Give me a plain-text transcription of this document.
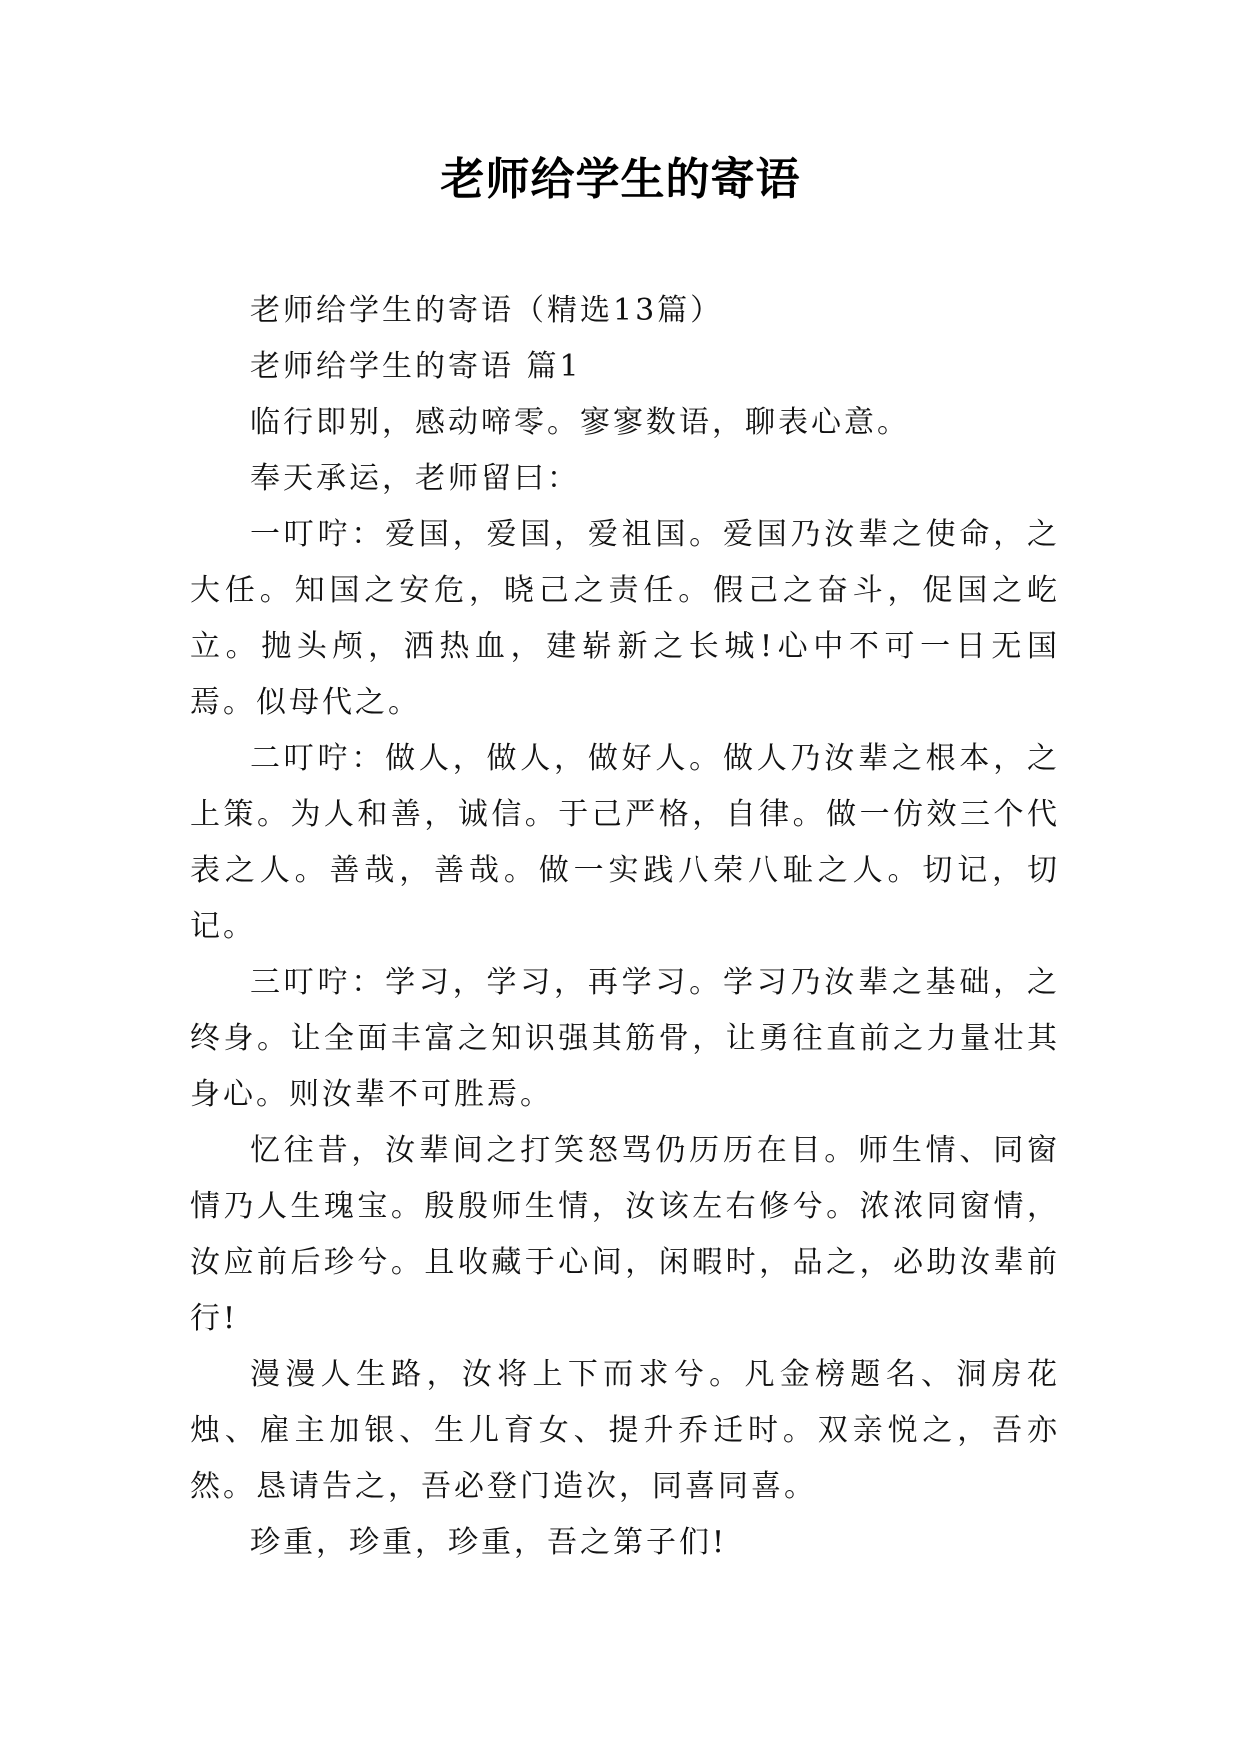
老师给学生的寄语

老师给学生的寄语（精选13篇）

老师给学生的寄语 篇1

临行即别，感动啼零。寥寥数语，聊表心意。

奉天承运，老师留曰：

一叮咛：爱国，爱国，爱祖国。爱国乃汝辈之使命，之大任。知国之安危，晓己之责任。假己之奋斗，促国之屹立。抛头颅，洒热血，建崭新之长城!心中不可一日无国焉。似母代之。

二叮咛：做人，做人，做好人。做人乃汝辈之根本，之上策。为人和善，诚信。于己严格，自律。做一仿效三个代表之人。善哉，善哉。做一实践八荣八耻之人。切记，切记。

三叮咛：学习，学习，再学习。学习乃汝辈之基础，之终身。让全面丰富之知识强其筋骨，让勇往直前之力量壮其身心。则汝辈不可胜焉。

忆往昔，汝辈间之打笑怒骂仍历历在目。师生情、同窗情乃人生瑰宝。殷殷师生情，汝该左右修兮。浓浓同窗情，汝应前后珍兮。且收藏于心间，闲暇时，品之，必助汝辈前行!

漫漫人生路，汝将上下而求兮。凡金榜题名、洞房花烛、雇主加银、生儿育女、提升乔迁时。双亲悦之，吾亦然。恳请告之，吾必登门造次，同喜同喜。

珍重，珍重，珍重，吾之第子们!
